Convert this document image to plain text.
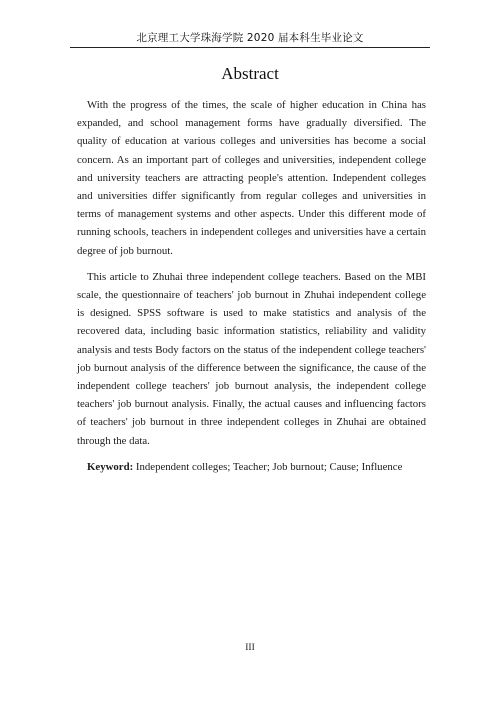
北京理工大学珠海学院 2020 届本科生毕业论文
Abstract

With the progress of the times, the scale of higher education in China has expanded, and school management forms have gradually diversified. The quality of education at various colleges and universities has become a social concern. As an important part of colleges and universities, independent college and university teachers are attracting people's attention. Independent colleges and universities differ significantly from regular colleges and universities in terms of management systems and other aspects. Under this different mode of running schools, teachers in independent colleges and universities have a certain degree of job burnout.

This article to Zhuhai three independent college teachers. Based on the MBI scale, the questionnaire of teachers' job burnout in Zhuhai independent college is designed. SPSS software is used to make statistics and analysis of the recovered data, including basic information statistics, reliability and validity analysis and tests Body factors on the status of the independent college teachers' job burnout analysis of the difference between the significance, the cause of the independent college teachers' job burnout analysis, the independent college teachers' job burnout analysis. Finally, the actual causes and influencing factors of teachers' job burnout in three independent colleges in Zhuhai are obtained through the data.

Keyword: Independent colleges; Teacher; Job burnout; Cause; Influence

III
